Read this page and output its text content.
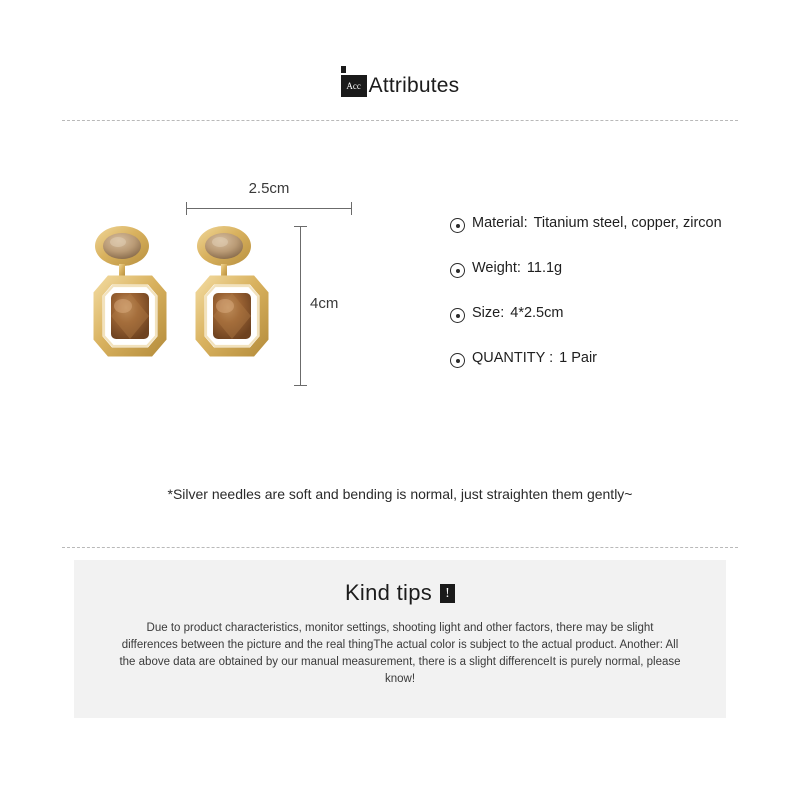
Acc Attributes
2.5cm
4cm
Material: Titanium steel, copper, zircon
Weight: 11.1g
Size: 4*2.5cm
QUANTITY : 1 Pair
*Silver needles are soft and bending is normal, just straighten them gently~
Kind tips !
Due to product characteristics, monitor settings, shooting light and other factors, there may be slight differences between the picture and the real thingThe actual color is subject to the actual product. Another: All the above data are obtained by our manual measurement, there is a slight differenceIt is purely normal, please know!
